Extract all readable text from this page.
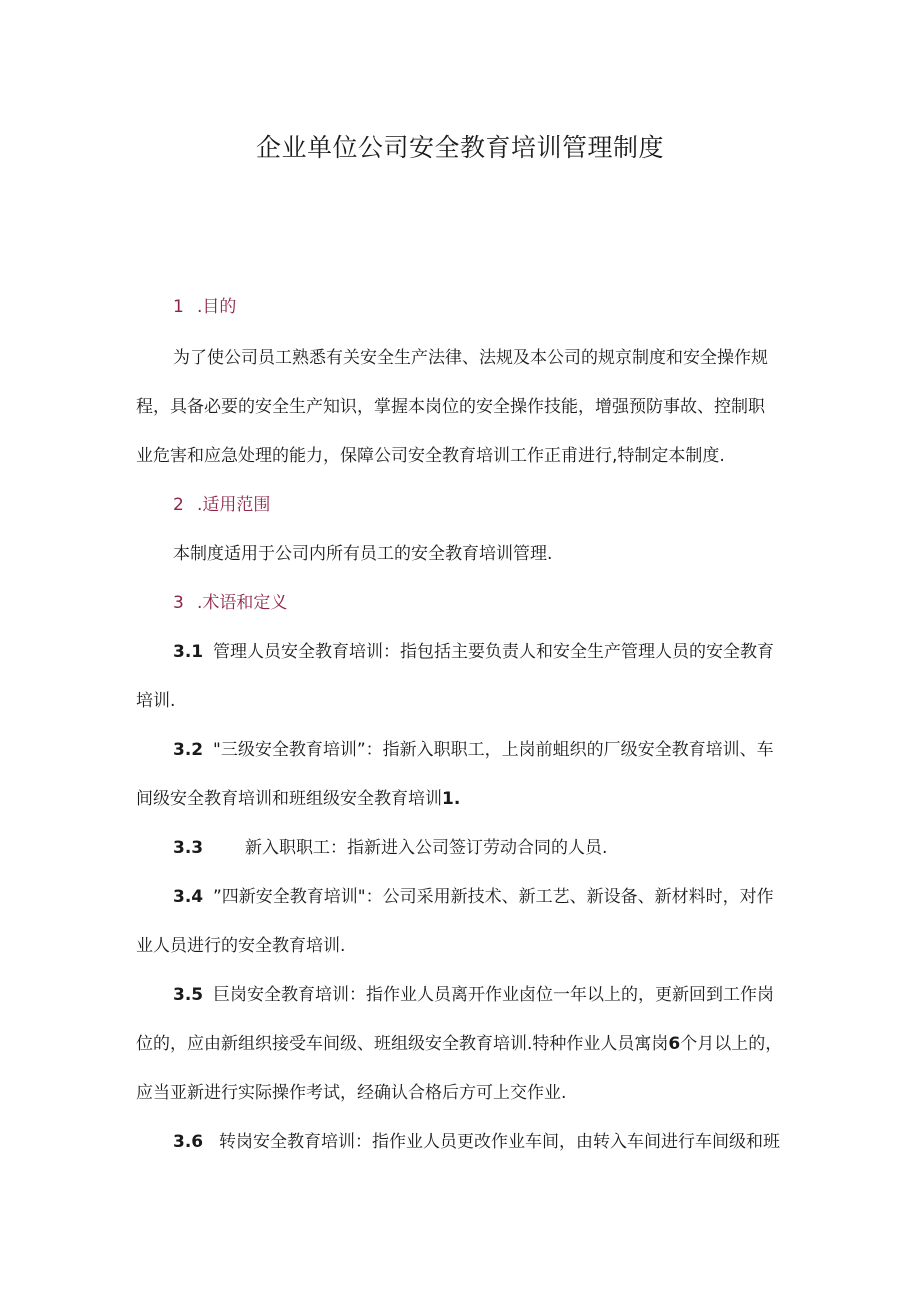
企业单位公司安全教育培训管理制度
1 .目的
为了使公司员工熟悉有关安全生产法律、法规及本公司的规京制度和安全操作规
程，具备必要的安全生产知识，掌握本岗位的安全操作技能，增强预防事故、控制职
业危害和应急处理的能力，保障公司安全教育培训工作正甫进行,特制定本制度.
2 .适用范围
本制度适用于公司内所有员工的安全教育培训管理.
3 .术语和定义
3.1 管理人员安全教育培训：指包括主要负责人和安全生产管理人员的安全教育
培训.
3.2 "三级安全教育培训”：指新入职职工，上岗前蛆织的厂级安全教育培训、车
间级安全教育培训和班组级安全教育培训1.
3.3 新入职职工：指新进入公司签订劳动合同的人员.
3.4 ”四新安全教育培训"：公司采用新技术、新工艺、新设备、新材料时，对作
业人员进行的安全教育培训.
3.5 巨岗安全教育培训：指作业人员离开作业卤位一年以上的，更新回到工作岗
位的，应由新组织接受车间级、班组级安全教育培训.特种作业人员寓岗6个月以上的，
应当亚新进行实际操作考试，经确认合格后方可上交作业.
3.6 转岗安全教育培训：指作业人员更改作业车间，由转入车间进行车间级和班
